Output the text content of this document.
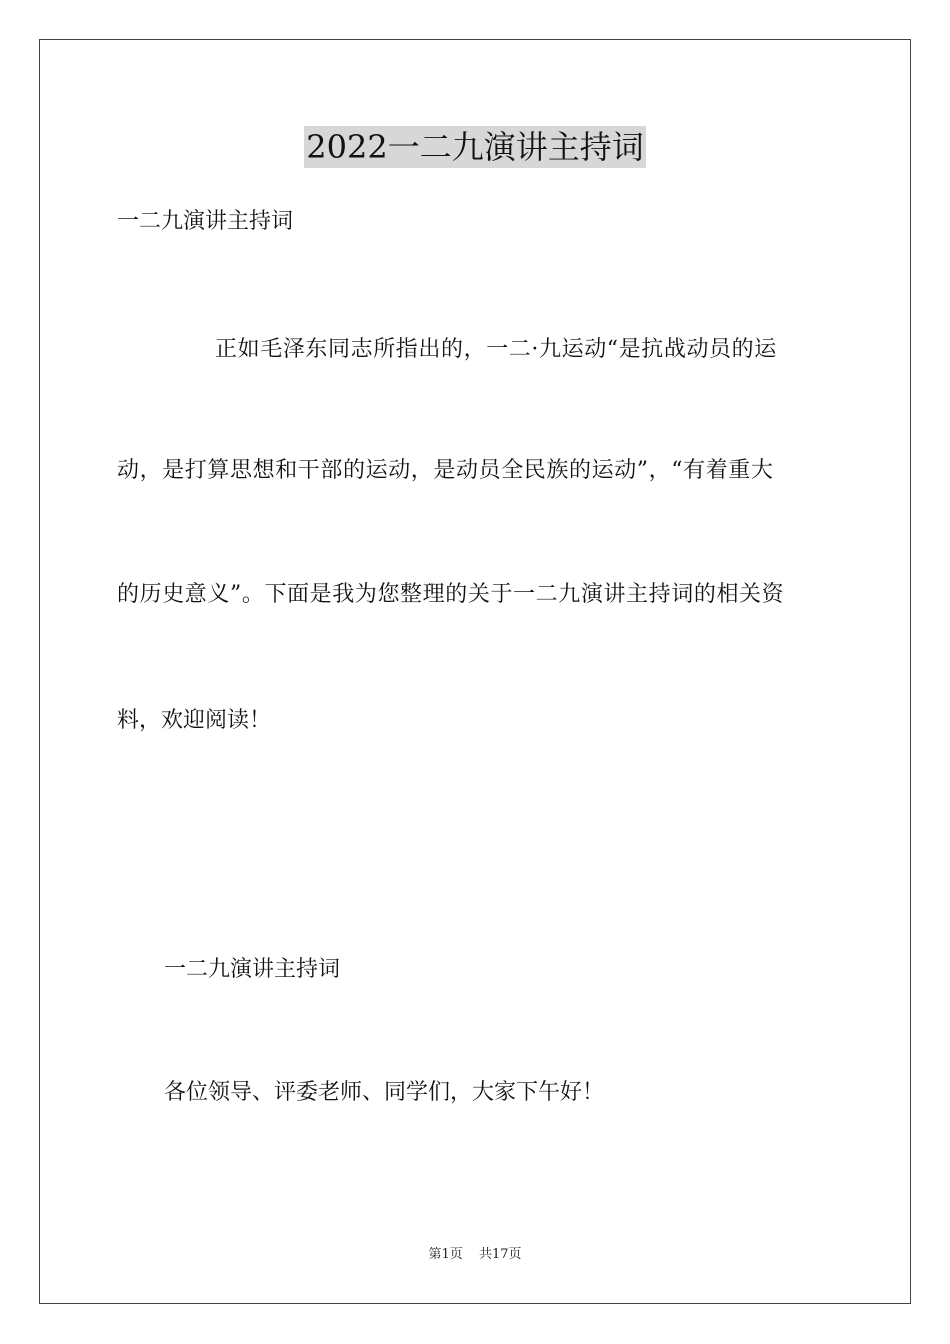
2022一二九演讲主持词
一二九演讲主持词
正如毛泽东同志所指出的，一二·九运动“是抗战动员的运
动，是打算思想和干部的运动，是动员全民族的运动”，“有着重大
的历史意义”。下面是我为您整理的关于一二九演讲主持词的相关资
料，欢迎阅读！
一二九演讲主持词
各位领导、评委老师、同学们，大家下午好！
第1页 共17页
